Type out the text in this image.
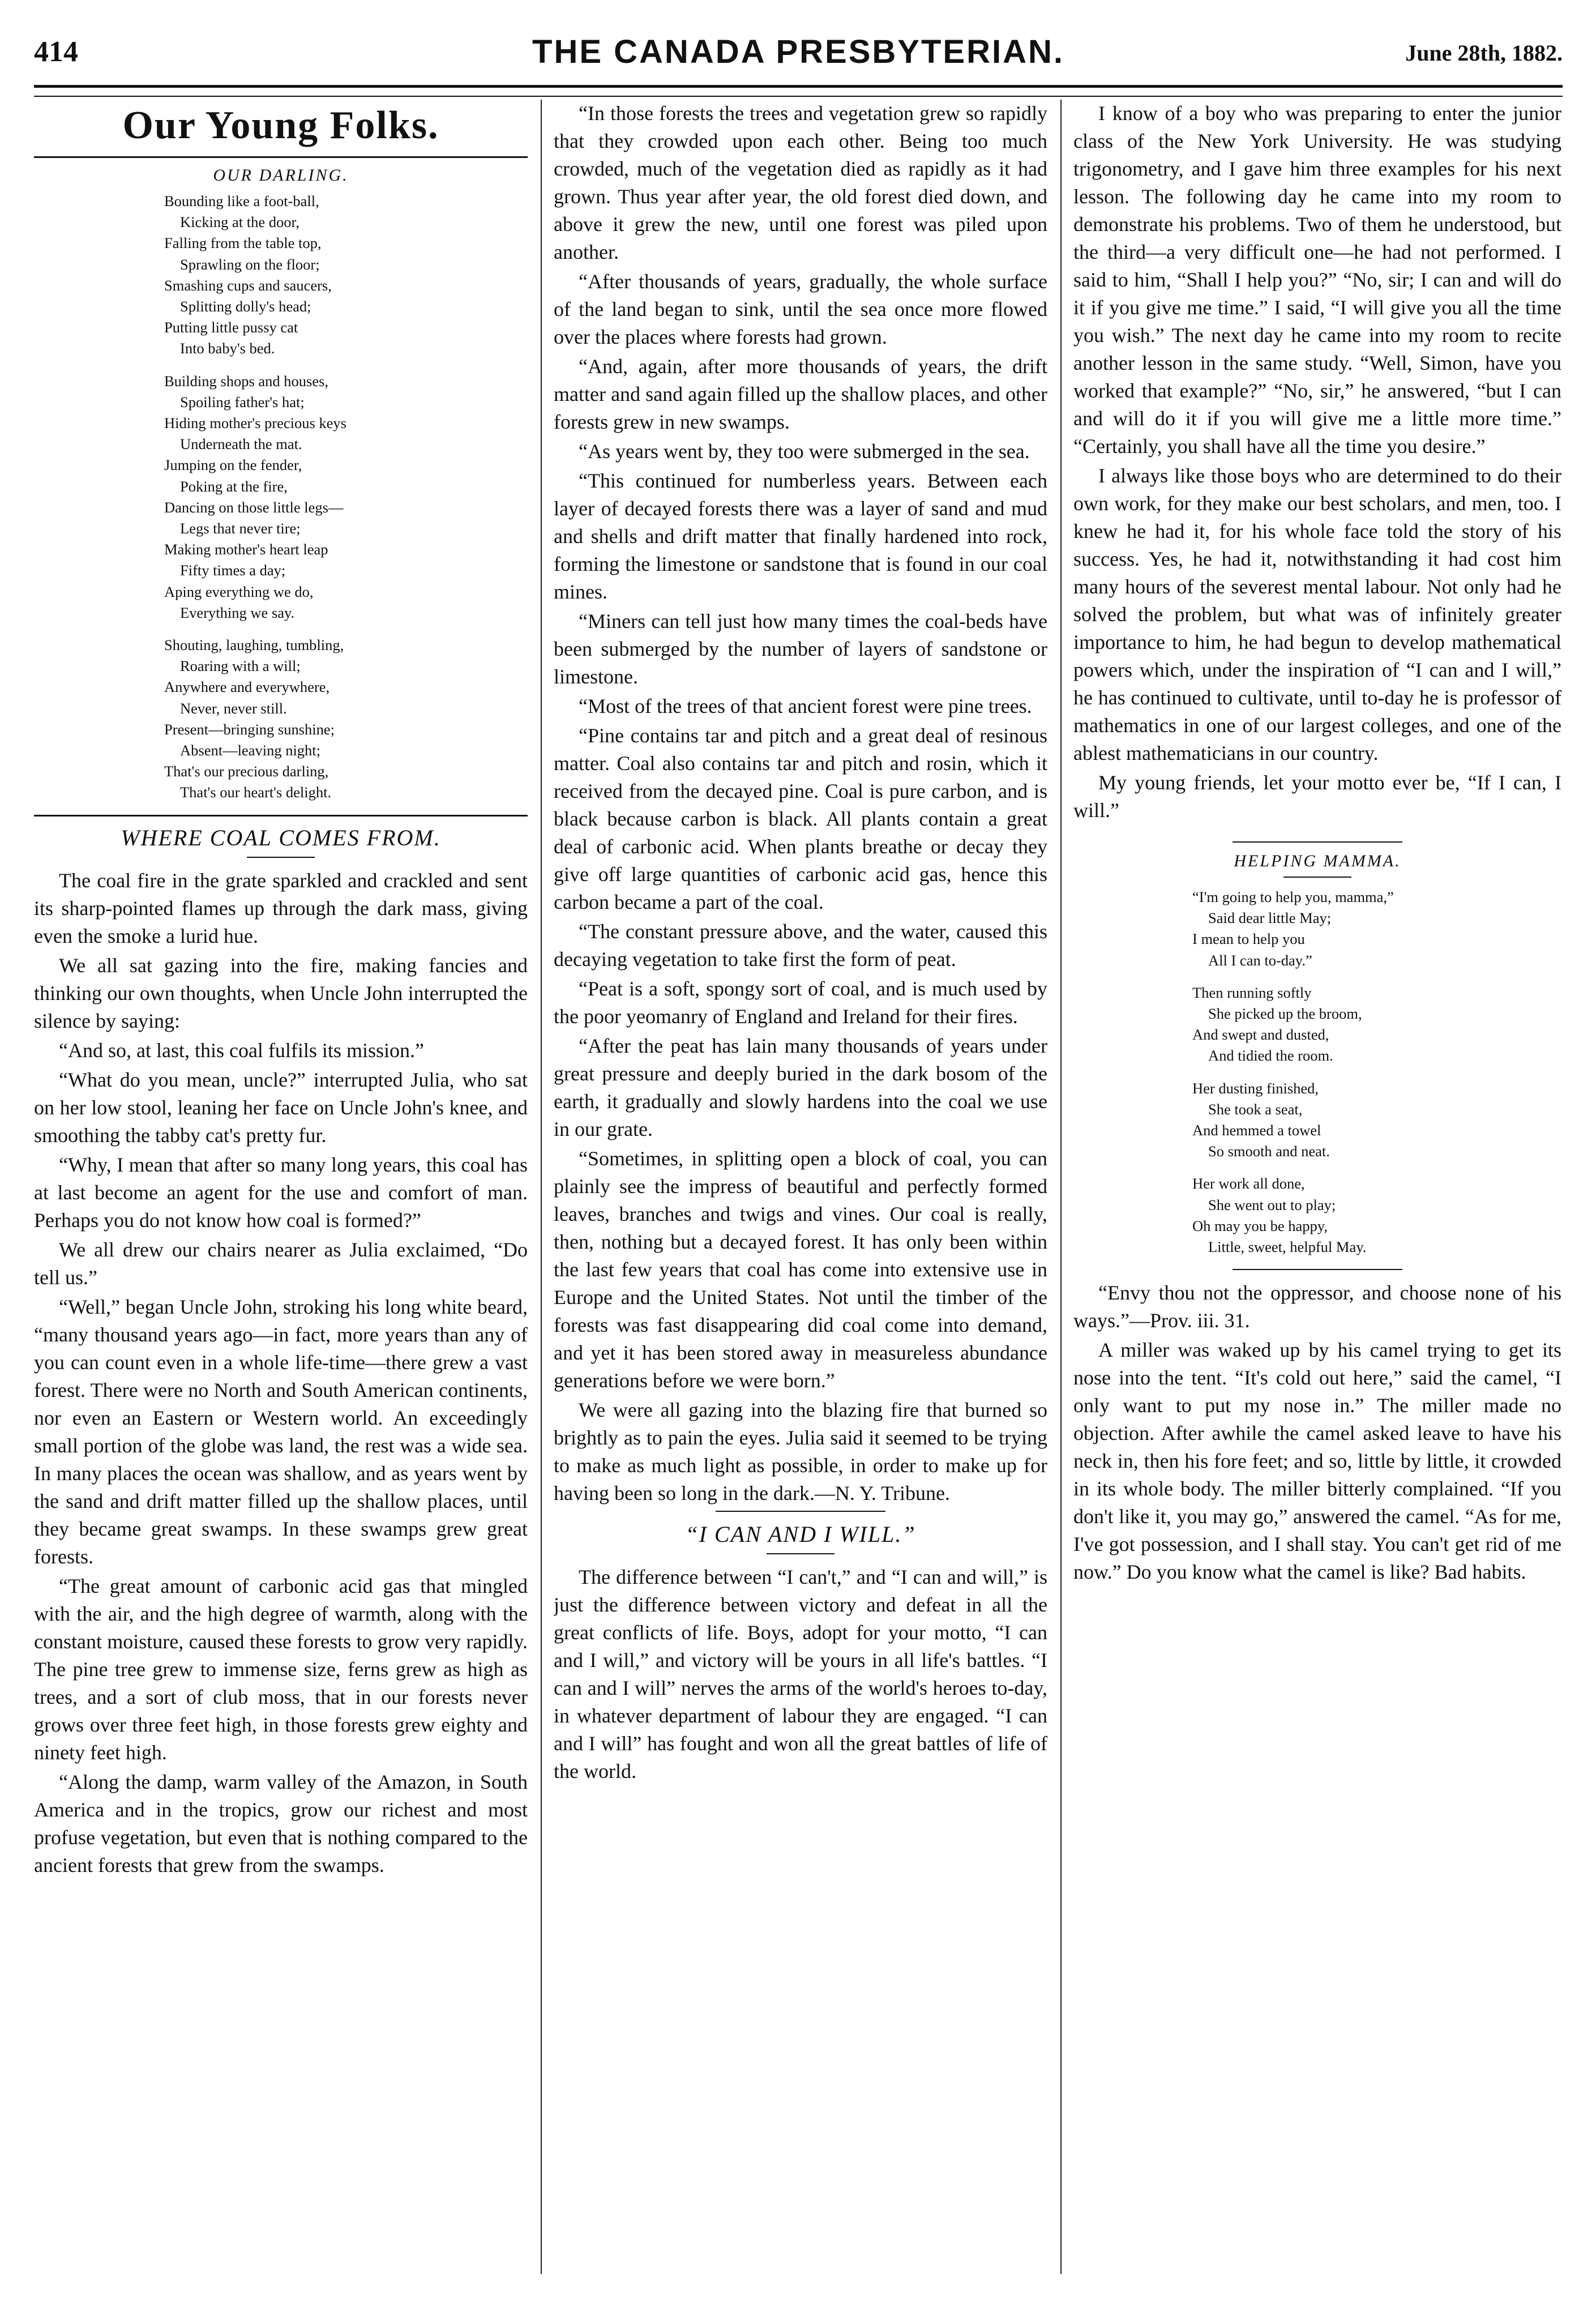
414	THE CANADA PRESBYTERIAN.	June 28th, 1882.
Our Young Folks.
OUR DARLING.
Bounding like a foot-ball,
Kicking at the door,
Falling from the table top,
Sprawling on the floor;
Smashing cups and saucers,
Splitting dolly's head;
Putting little pussy cat
Into baby's bed.
Building shops and houses,
Spoiling father's hat;
Hiding mother's precious keys
Underneath the mat.
Jumping on the fender,
Poking at the fire,
Dancing on those little legs—
Legs that never tire;
Making mother's heart leap
Fifty times a day;
Aping everything we do,
Everything we say.
Shouting, laughing, tumbling,
Roaring with a will;
Anywhere and everywhere,
Never, never still.
Present—bringing sunshine;
Absent—leaving night;
That's our precious darling,
That's our heart's delight.
WHERE COAL COMES FROM.

The coal fire in the grate sparkled and crackled and sent its sharp-pointed flames up through the dark mass, giving even the smoke a lurid hue.

We all sat gazing into the fire, making fancies and thinking our own thoughts, when Uncle John interrupted the silence by saying:

“And so, at last, this coal fulfils its mission.”

“What do you mean, uncle?” interrupted Julia, who sat on her low stool, leaning her face on Uncle John's knee, and smoothing the tabby cat's pretty fur.

“Why, I mean that after so many long years, this coal has at last become an agent for the use and comfort of man. Perhaps you do not know how coal is formed?”

We all drew our chairs nearer as Julia exclaimed, “Do tell us.”

“Well,” began Uncle John, stroking his long white beard, “many thousand years ago—in fact, more years than any of you can count even in a whole life-time—there grew a vast forest. There were no North and South American continents, nor even an Eastern or Western world. An exceedingly small portion of the globe was land, the rest was a wide sea. In many places the ocean was shallow, and as years went by the sand and drift matter filled up the shallow places, until they became great swamps. In these swamps grew great forests.

“The great amount of carbonic acid gas that mingled with the air, and the high degree of warmth, along with the constant moisture, caused these forests to grow very rapidly. The pine tree grew to immense size, ferns grew as high as trees, and a sort of club moss, that in our forests never grows over three feet high, in those forests grew eighty and ninety feet high.

“Along the damp, warm valley of the Amazon, in South America and in the tropics, grow our richest and most profuse vegetation, but even that is nothing compared to the ancient forests that grew from the swamps.

“In those forests the trees and vegetation grew so rapidly that they crowded upon each other. Being too much crowded, much of the vegetation died as rapidly as it had grown. Thus year after year, the old forest died down, and above it grew the new, until one forest was piled upon another.

“After thousands of years, gradually, the whole surface of the land began to sink, until the sea once more flowed over the places where forests had grown.

“And, again, after more thousands of years, the drift matter and sand again filled up the shallow places, and other forests grew in new swamps.

“As years went by, they too were submerged in the sea.

“This continued for numberless years. Between each layer of decayed forests there was a layer of sand and mud and shells and drift matter that finally hardened into rock, forming the limestone or sandstone that is found in our coal mines.

“Miners can tell just how many times the coal-beds have been submerged by the number of layers of sandstone or limestone.

“Most of the trees of that ancient forest were pine trees.

“Pine contains tar and pitch and a great deal of resinous matter. Coal also contains tar and pitch and rosin, which it received from the decayed pine. Coal is pure carbon, and is black because carbon is black. All plants contain a great deal of carbonic acid. When plants breathe or decay they give off large quantities of carbonic acid gas, hence this carbon became a part of the coal.

“The constant pressure above, and the water, caused this decaying vegetation to take first the form of peat.

“Peat is a soft, spongy sort of coal, and is much used by the poor yeomanry of England and Ireland for their fires.

“After the peat has lain many thousands of years under great pressure and deeply buried in the dark bosom of the earth, it gradually and slowly hardens into the coal we use in our grate.

“Sometimes, in splitting open a block of coal, you can plainly see the impress of beautiful and perfectly formed leaves, branches and twigs and vines. Our coal is really, then, nothing but a decayed forest. It has only been within the last few years that coal has come into extensive use in Europe and the United States. Not until the timber of the forests was fast disappearing did coal come into demand, and yet it has been stored away in measureless abundance generations before we were born.”

We were all gazing into the blazing fire that burned so brightly as to pain the eyes. Julia said it seemed to be trying to make as much light as possible, in order to make up for having been so long in the dark.—N. Y. Tribune.

“I CAN AND I WILL.”

The difference between “I can't,” and “I can and will,” is just the difference between victory and defeat in all the great conflicts of life. Boys, adopt for your motto, “I can and I will,” and victory will be yours in all life's battles. “I can and I will” nerves the arms of the world's heroes to-day, in whatever department of labour they are engaged. “I can and I will” has fought and won all the great battles of life of the world.

I know of a boy who was preparing to enter the junior class of the New York University. He was studying trigonometry, and I gave him three examples for his next lesson. The following day he came into my room to demonstrate his problems. Two of them he understood, but the third—a very difficult one—he had not performed. I said to him, “Shall I help you?” “No, sir; I can and will do it if you give me time.” I said, “I will give you all the time you wish.” The next day he came into my room to recite another lesson in the same study. “Well, Simon, have you worked that example?” “No, sir,” he answered, “but I can and will do it if you will give me a little more time.” “Certainly, you shall have all the time you desire.”

I always like those boys who are determined to do their own work, for they make our best scholars, and men, too. I knew he had it, for his whole face told the story of his success. Yes, he had it, notwithstanding it had cost him many hours of the severest mental labour. Not only had he solved the problem, but what was of infinitely greater importance to him, he had begun to develop mathematical powers which, under the inspiration of “I can and I will,” he has continued to cultivate, until to-day he is professor of mathematics in one of our largest colleges, and one of the ablest mathematicians in our country.

My young friends, let your motto ever be, “If I can, I will.”

HELPING MAMMA.
“I'm going to help you, mamma,”
Said dear little May;
I mean to help you
All I can to-day.”
Then running softly
She picked up the broom,
And swept and dusted,
And tidied the room.
Her dusting finished,
She took a seat,
And hemmed a towel
So smooth and neat.
Her work all done,
She went out to play;
Oh may you be happy,
Little, sweet, helpful May.

“Envy thou not the oppressor, and choose none of his ways.”—Prov. iii. 31.

A miller was waked up by his camel trying to get its nose into the tent. “It's cold out here,” said the camel, “I only want to put my nose in.” The miller made no objection. After awhile the camel asked leave to have his neck in, then his fore feet; and so, little by little, it crowded in its whole body. The miller bitterly complained. “If you don't like it, you may go,” answered the camel. “As for me, I've got possession, and I shall stay. You can't get rid of me now.” Do you know what the camel is like? Bad habits.
